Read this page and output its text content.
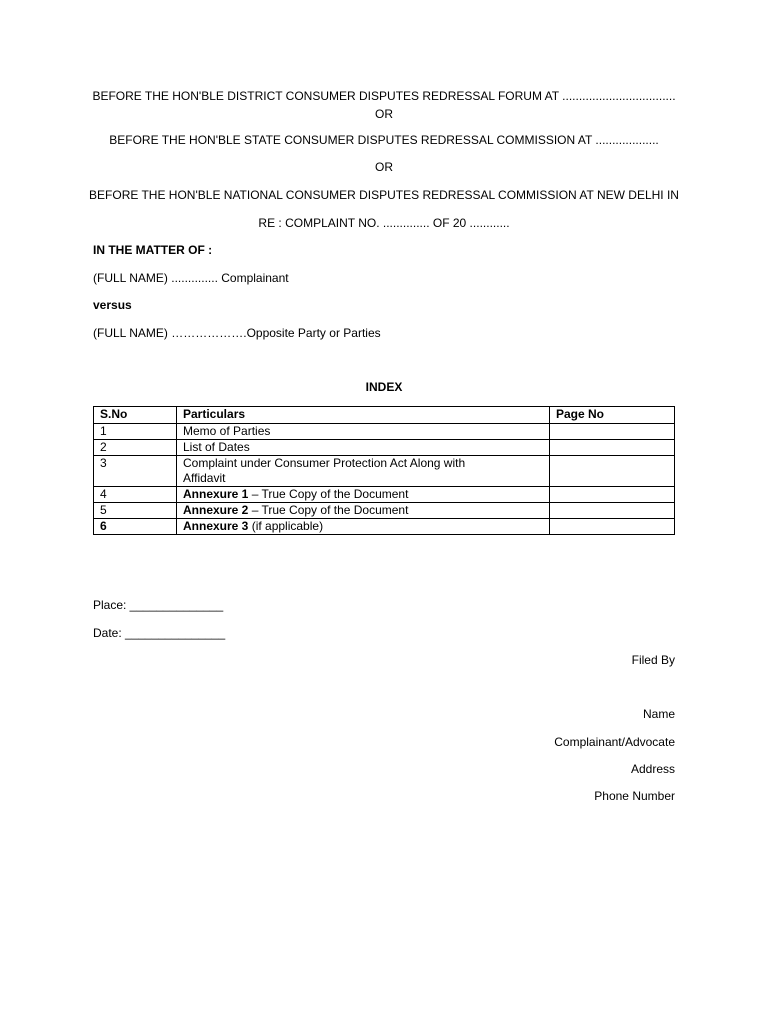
BEFORE THE HON'BLE DISTRICT CONSUMER DISPUTES REDRESSAL FORUM AT ..................................
OR
BEFORE THE HON'BLE STATE CONSUMER DISPUTES REDRESSAL COMMISSION AT ...................
OR
BEFORE THE HON'BLE NATIONAL CONSUMER DISPUTES REDRESSAL COMMISSION AT NEW DELHI IN
RE : COMPLAINT NO. .............. OF 20 ............
IN THE MATTER OF :
(FULL NAME) .............. Complainant
versus
(FULL NAME) ……………….Opposite Party or Parties
INDEX
S.No	Particulars	Page No
1	Memo of Parties	
2	List of Dates	
3	Complaint under Consumer Protection Act Along with
Affidavit	
4	Annexure 1 – True Copy of the Document	
5	Annexure 2 – True Copy of the Document	
6	Annexure 3 (if applicable)	
Place: ______________
Date: _______________
Filed By
Name
Complainant/Advocate
Address
Phone Number
